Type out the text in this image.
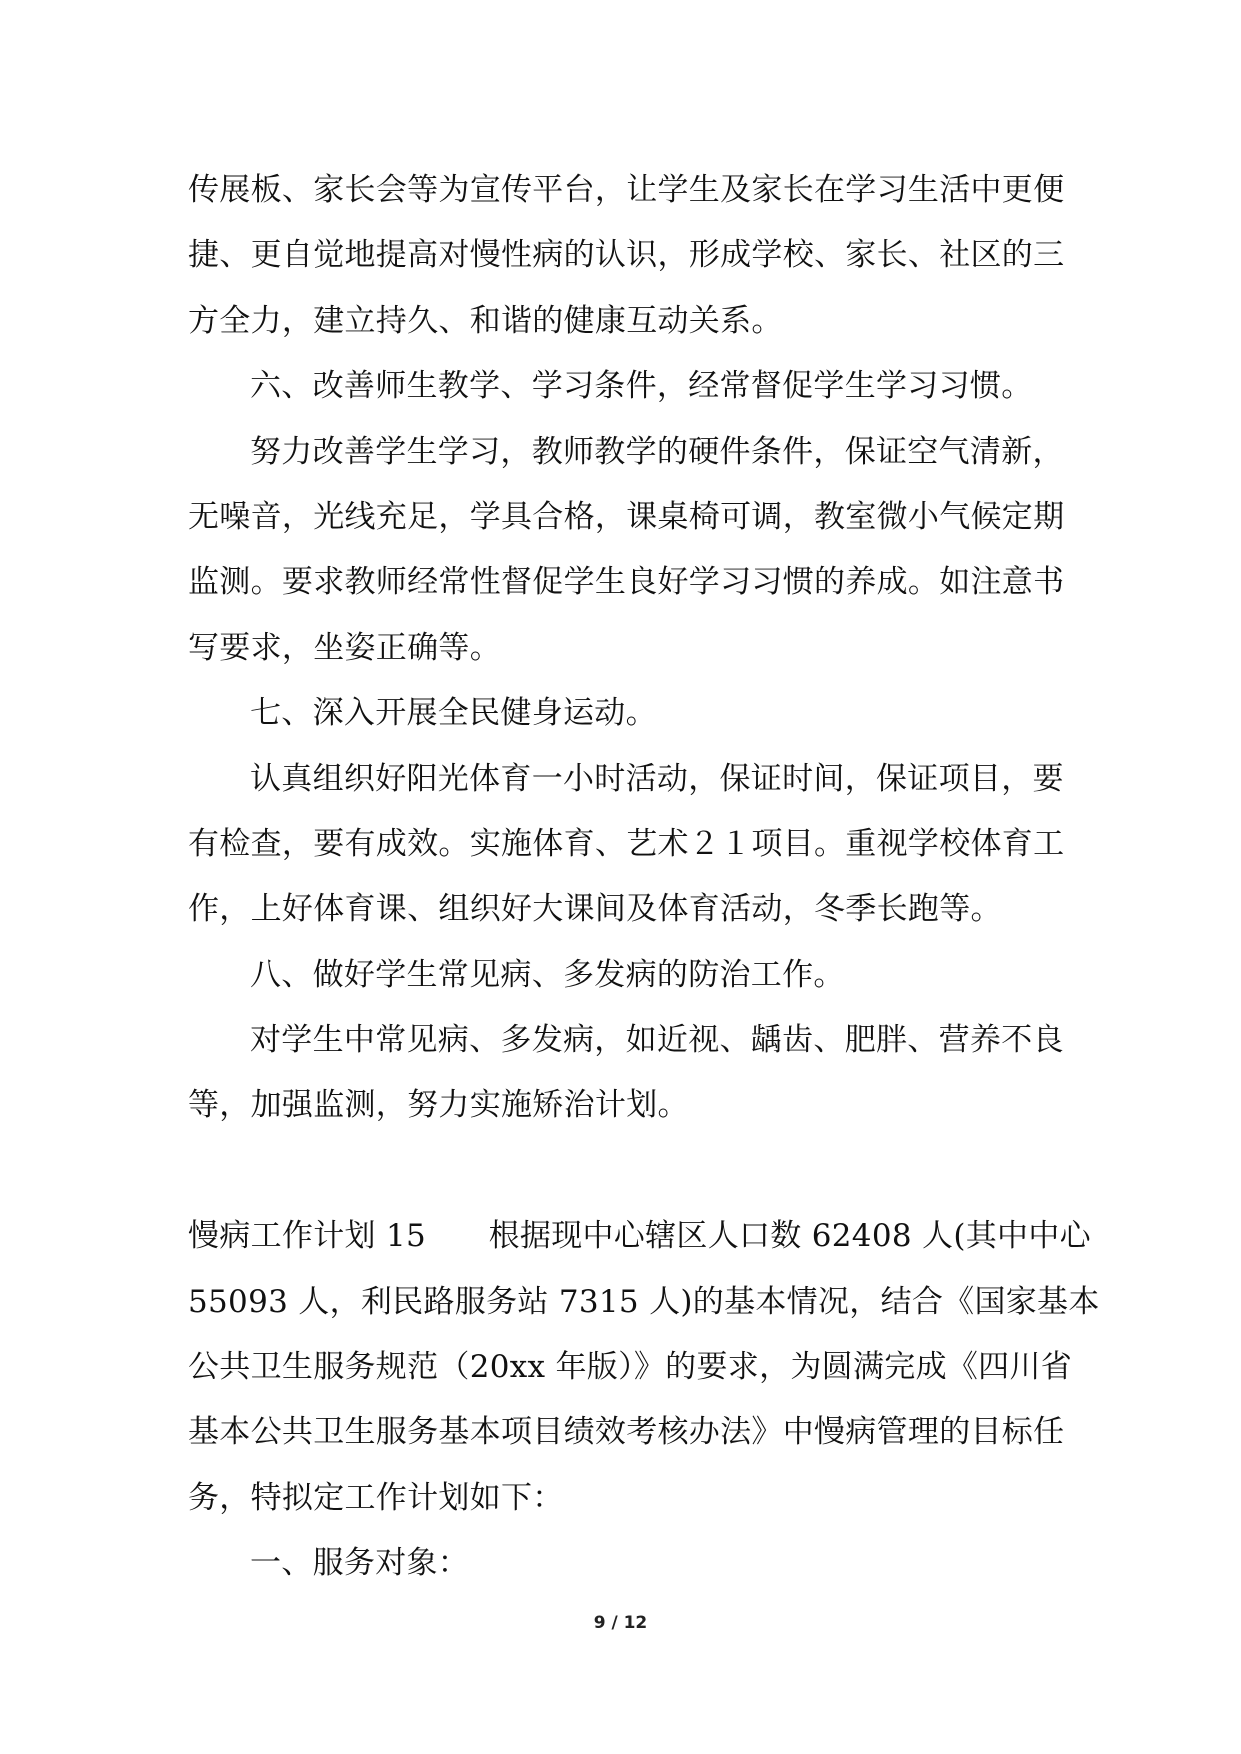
传展板、家长会等为宣传平台，让学生及家长在学习生活中更便
捷、更自觉地提高对慢性病的认识，形成学校、家长、社区的三
方全力，建立持久、和谐的健康互动关系。
六、改善师生教学、学习条件，经常督促学生学习习惯。
努力改善学生学习，教师教学的硬件条件，保证空气清新，
无噪音，光线充足，学具合格，课桌椅可调，教室微小气候定期
监测。要求教师经常性督促学生良好学习习惯的养成。如注意书
写要求，坐姿正确等。
七、深入开展全民健身运动。
认真组织好阳光体育一小时活动，保证时间，保证项目，要
有检查，要有成效。实施体育、艺术２１项目。重视学校体育工
作，上好体育课、组织好大课间及体育活动，冬季长跑等。
八、做好学生常见病、多发病的防治工作。
对学生中常见病、多发病，如近视、龋齿、肥胖、营养不良
等，加强监测，努力实施矫治计划。
慢病工作计划 15　　根据现中心辖区人口数 62408 人(其中中心
55093 人，利民路服务站 7315 人)的基本情况，结合《国家基本
公共卫生服务规范（20xx 年版）》的要求，为圆满完成《四川省
基本公共卫生服务基本项目绩效考核办法》中慢病管理的目标任
务，特拟定工作计划如下：
一、服务对象：
9 / 12
